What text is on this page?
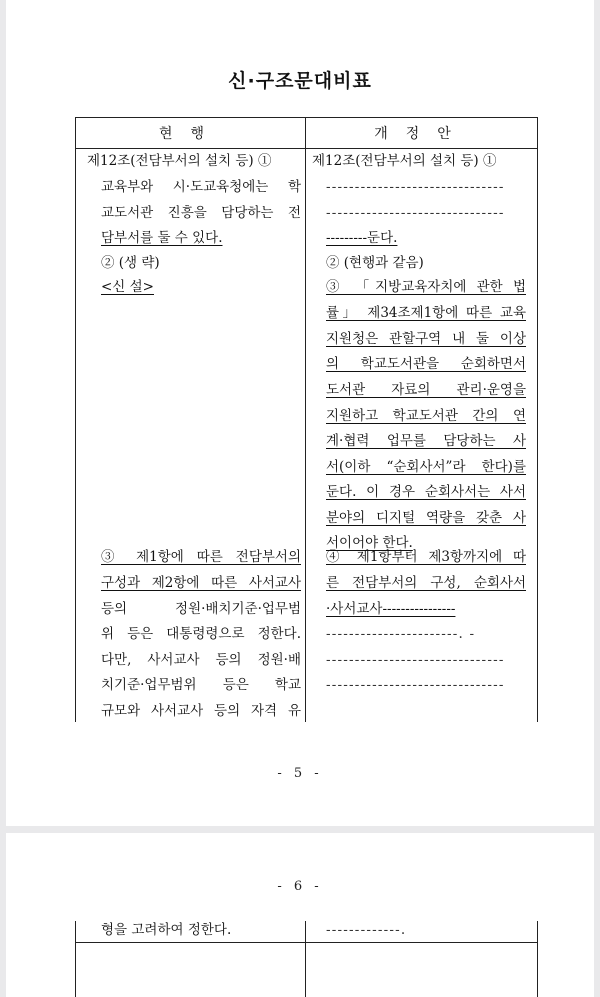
신·구조문대비표
현행	개정안
제12조(전담부서의 설치 등) ①
교육부와 시·도교육청에는 학
교도서관 진흥을 담당하는 전
담부서를 둘 수 있다.
② (생 략)
<신 설>
③ 제1항에 따른 전담부서의
구성과 제2항에 따른 사서교사
등의 정원·배치기준·업무범
위 등은 대통령령으로 정한다.
다만, 사서교사 등의 정원·배
치기준·업무범위 등은 학교
규모와 사서교사 등의 자격 유
제12조(전담부서의 설치 등) ①
-------------------------------
-------------------------------
---------둔다.
② (현행과 같음)
③ 「지방교육자치에 관한 법
률」 제34조제1항에 따른 교육
지원청은 관할구역 내 둘 이상
의 학교도서관을 순회하면서
도서관 자료의 관리·운영을
지원하고 학교도서관 간의 연
계·협력 업무를 담당하는 사
서(이하 “순회사서”라 한다)를
둔다. 이 경우 순회사서는 사서
분야의 디지털 역량을 갖춘 사
서이어야 한다.
④ 제1항부터 제3항까지에 따
른 전담부서의 구성, 순회사서
·사서교사----------------
-----------------------. -
-------------------------------
-------------------------------
- 5 -
- 6 -
형을 고려하여 정한다.	-------------.
